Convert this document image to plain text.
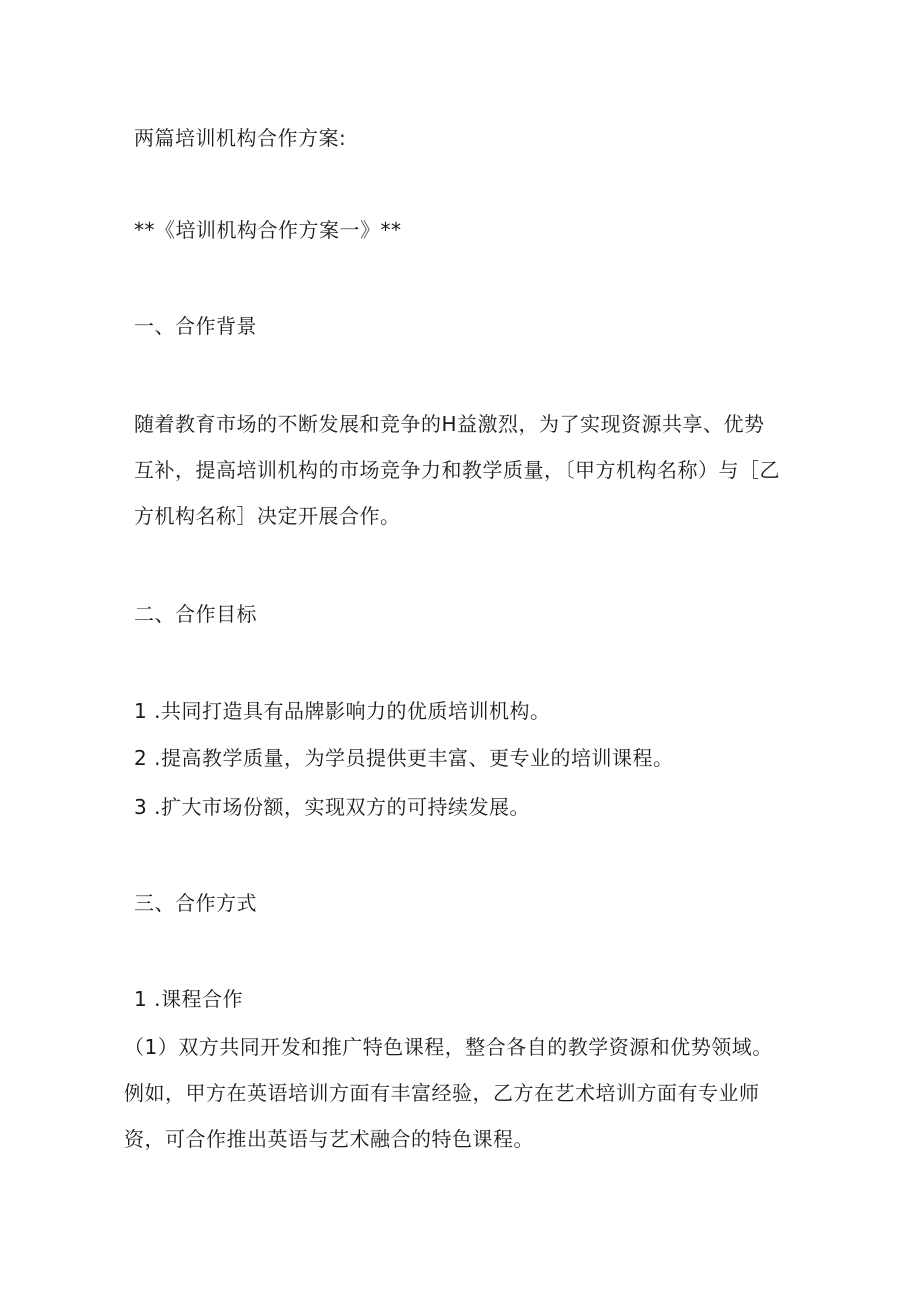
两篇培训机构合作方案:

**《培训机构合作方案一》**

一、合作背景

随着教育市场的不断发展和竞争的H益激烈，为了实现资源共享、优势互补，提高培训机构的市场竞争力和教学质量，〔甲方机构名称）与［乙方机构名称］决定开展合作。

二、合作目标

1 .共同打造具有品牌影响力的优质培训机构。

2 .提高教学质量，为学员提供更丰富、更专业的培训课程。

3 .扩大市场份额，实现双方的可持续发展。

三、合作方式

1 .课程合作

（1）双方共同开发和推广特色课程，整合各自的教学资源和优势领域。例如，甲方在英语培训方面有丰富经验，乙方在艺术培训方面有专业师资，可合作推出英语与艺术融合的特色课程。
